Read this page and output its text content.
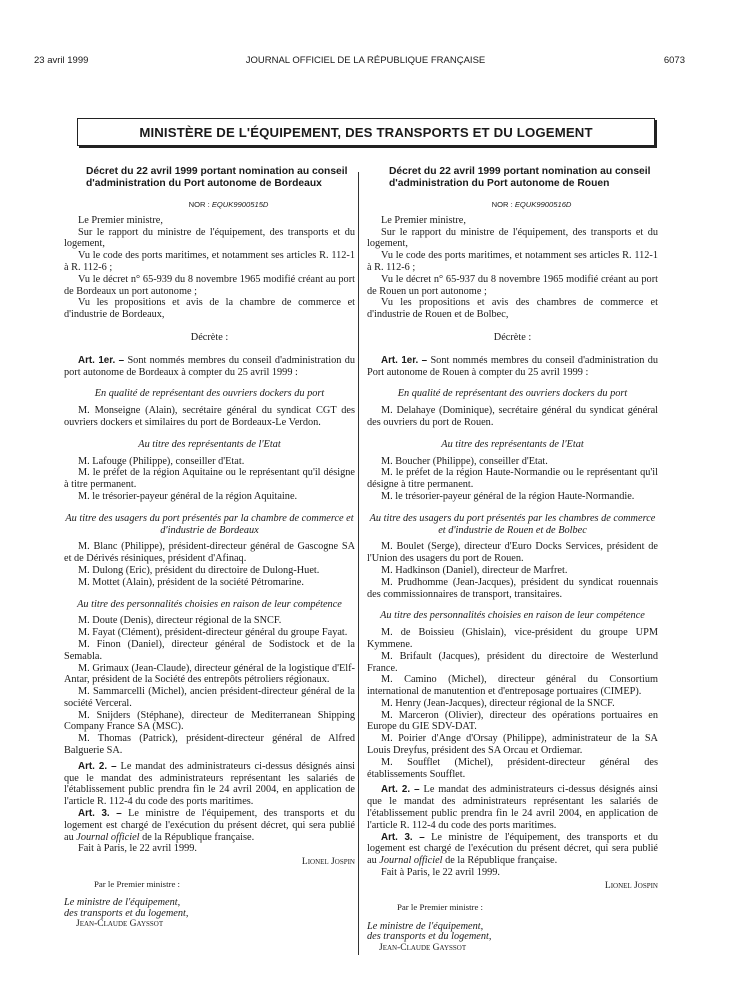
23 avril 1999	JOURNAL OFFICIEL DE LA RÉPUBLIQUE FRANÇAISE	6073
MINISTÈRE DE L'ÉQUIPEMENT, DES TRANSPORTS ET DU LOGEMENT

Décret du 22 avril 1999 portant nomination au conseil d'administration du Port autonome de Bordeaux

NOR : EQUK9900515D

Le Premier ministre,

Sur le rapport du ministre de l'équipement, des transports et du logement,

Vu le code des ports maritimes, et notamment ses articles R. 112-1 à R. 112-6 ;

Vu le décret n° 65-939 du 8 novembre 1965 modifié créant au port de Bordeaux un port autonome ;

Vu les propositions et avis de la chambre de commerce et d'industrie de Bordeaux,

Décrète :

Art. 1er. – Sont nommés membres du conseil d'administration du port autonome de Bordeaux à compter du 25 avril 1999 :

En qualité de représentant des ouvriers dockers du port

M. Monseigne (Alain), secrétaire général du syndicat CGT des ouvriers dockers et similaires du port de Bordeaux-Le Verdon.

Au titre des représentants de l'Etat

M. Lafouge (Philippe), conseiller d'Etat.

M. le préfet de la région Aquitaine ou le représentant qu'il désigne à titre permanent.

M. le trésorier-payeur général de la région Aquitaine.

Au titre des usagers du port présentés par la chambre de commerce et d'industrie de Bordeaux

M. Blanc (Philippe), président-directeur général de Gascogne SA et de Dérivés résiniques, président d'Afinaq.

M. Dulong (Eric), président du directoire de Dulong-Huet.

M. Mottet (Alain), président de la société Pétromarine.

Au titre des personnalités choisies en raison de leur compétence

M. Doute (Denis), directeur régional de la SNCF.

M. Fayat (Clément), président-directeur général du groupe Fayat.

M. Finon (Daniel), directeur général de Sodistock et de la Semabla.

M. Grimaux (Jean-Claude), directeur général de la logistique d'Elf-Antar, président de la Société des entrepôts pétroliers régionaux.

M. Sammarcelli (Michel), ancien président-directeur général de la société Verceral.

M. Snijders (Stéphane), directeur de Mediterranean Shipping Company France SA (MSC).

M. Thomas (Patrick), président-directeur général de Alfred Balguerie SA.

Art. 2. – Le mandat des administrateurs ci-dessus désignés ainsi que le mandat des administrateurs représentant les salariés de l'établissement public prendra fin le 24 avril 2004, en application de l'article R. 112-4 du code des ports maritimes.

Art. 3. – Le ministre de l'équipement, des transports et du logement est chargé de l'exécution du présent décret, qui sera publié au Journal officiel de la République française.

Fait à Paris, le 22 avril 1999.

Lionel Jospin

Par le Premier ministre :

Le ministre de l'équipement,
des transports et du logement,

Jean-Claude Gayssot

Décret du 22 avril 1999 portant nomination au conseil d'administration du Port autonome de Rouen

NOR : EQUK9900516D

Le Premier ministre,

Sur le rapport du ministre de l'équipement, des transports et du logement,

Vu le code des ports maritimes, et notamment ses articles R. 112-1 à R. 112-6 ;

Vu le décret n° 65-937 du 8 novembre 1965 modifié créant au port de Rouen un port autonome ;

Vu les propositions et avis des chambres de commerce et d'industrie de Rouen et de Bolbec,

Décrète :

Art. 1er. – Sont nommés membres du conseil d'administration du Port autonome de Rouen à compter du 25 avril 1999 :

En qualité de représentant des ouvriers dockers du port

M. Delahaye (Dominique), secrétaire général du syndicat général des ouvriers du port de Rouen.

Au titre des représentants de l'Etat

M. Boucher (Philippe), conseiller d'Etat.

M. le préfet de la région Haute-Normandie ou le représentant qu'il désigne à titre permanent.

M. le trésorier-payeur général de la région Haute-Normandie.

Au titre des usagers du port présentés par les chambres de commerce et d'industrie de Rouen et de Bolbec

M. Boulet (Serge), directeur d'Euro Docks Services, président de l'Union des usagers du port de Rouen.

M. Hadkinson (Daniel), directeur de Marfret.

M. Prudhomme (Jean-Jacques), président du syndicat rouennais des commissionnaires de transport, transitaires.

Au titre des personnalités choisies en raison de leur compétence

M. de Boissieu (Ghislain), vice-président du groupe UPM Kymmene.

M. Brifault (Jacques), président du directoire de Westerlund France.

M. Camino (Michel), directeur général du Consortium international de manutention et d'entreposage portuaires (CIMEP).

M. Henry (Jean-Jacques), directeur régional de la SNCF.

M. Marceron (Olivier), directeur des opérations portuaires en Europe du GIE SDV-DAT.

M. Poirier d'Ange d'Orsay (Philippe), administrateur de la SA Louis Dreyfus, président des SA Orcau et Ordiemar.

M. Soufflet (Michel), président-directeur général des établissements Soufflet.

Art. 2. – Le mandat des administrateurs ci-dessus désignés ainsi que le mandat des administrateurs représentant les salariés de l'établissement public prendra fin le 24 avril 2004, en application de l'article R. 112-4 du code des ports maritimes.

Art. 3. – Le ministre de l'équipement, des transports et du logement est chargé de l'exécution du présent décret, qui sera publié au Journal officiel de la République française.

Fait à Paris, le 22 avril 1999.

Lionel Jospin

Par le Premier ministre :

Le ministre de l'équipement,
des transports et du logement,

Jean-Claude Gayssot
